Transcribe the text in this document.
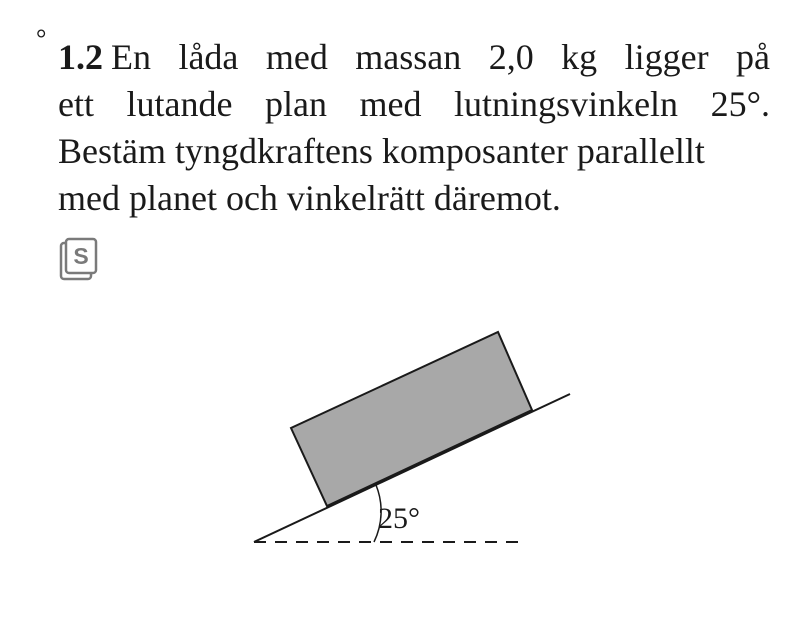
° 1.2 En låda med massan 2,0 kg ligger på
ett lutande plan med lutningsvinkeln 25°.
Bestäm tyngdkraftens komposanter parallellt
med planet och vinkelrätt däremot.
S
25°
